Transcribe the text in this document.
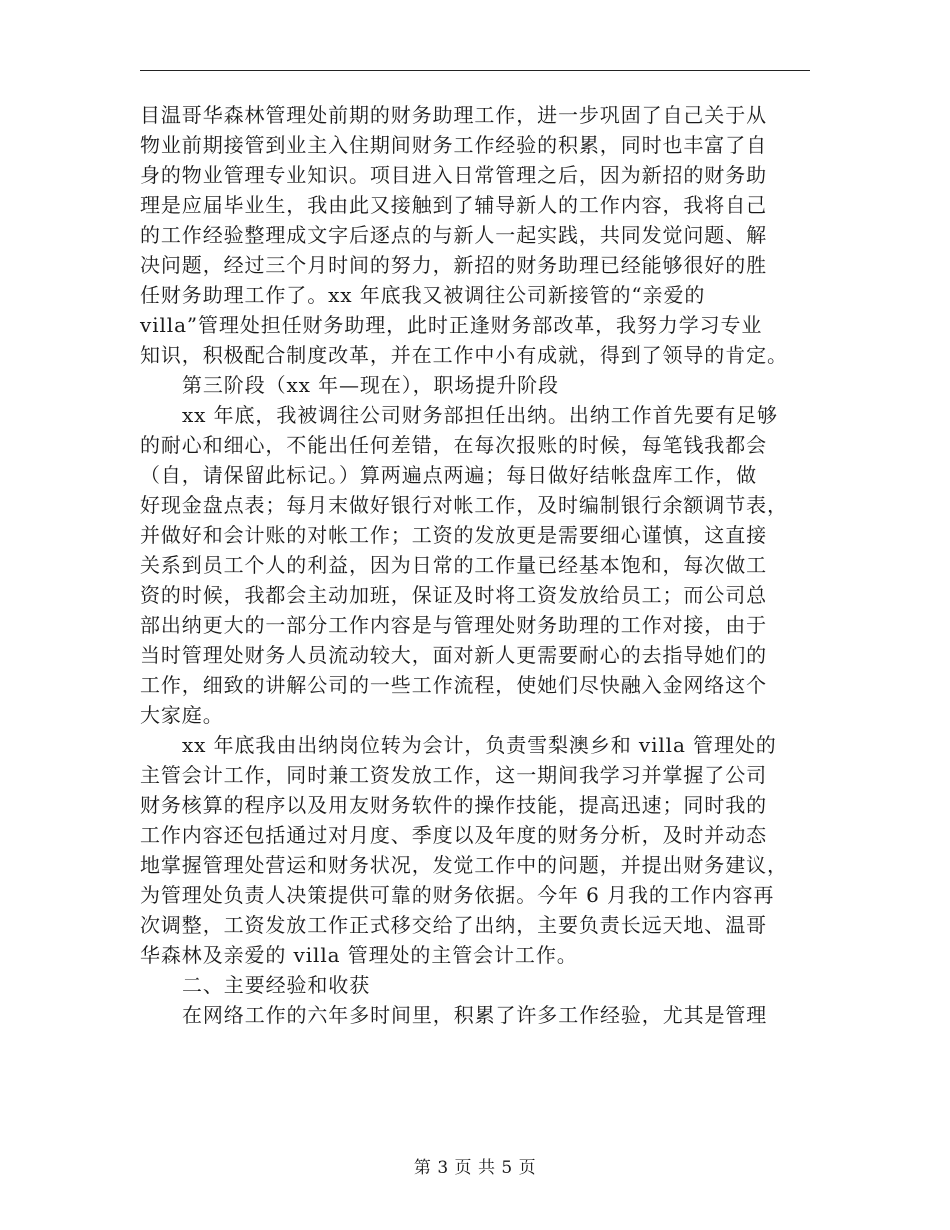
目温哥华森林管理处前期的财务助理工作，进一步巩固了自己关于从
物业前期接管到业主入住期间财务工作经验的积累，同时也丰富了自
身的物业管理专业知识。项目进入日常管理之后，因为新招的财务助
理是应届毕业生，我由此又接触到了辅导新人的工作内容，我将自己
的工作经验整理成文字后逐点的与新人一起实践，共同发觉问题、解
决问题，经过三个月时间的努力，新招的财务助理已经能够很好的胜
任财务助理工作了。xx 年底我又被调往公司新接管的“亲爱的
villa”管理处担任财务助理，此时正逢财务部改革，我努力学习专业
知识，积极配合制度改革，并在工作中小有成就，得到了领导的肯定。
第三阶段（xx 年—现在），职场提升阶段
xx 年底，我被调往公司财务部担任出纳。出纳工作首先要有足够
的耐心和细心，不能出任何差错，在每次报账的时候，每笔钱我都会
（自，请保留此标记。）算两遍点两遍；每日做好结帐盘库工作，做
好现金盘点表；每月末做好银行对帐工作，及时编制银行余额调节表，
并做好和会计账的对帐工作；工资的发放更是需要细心谨慎，这直接
关系到员工个人的利益，因为日常的工作量已经基本饱和，每次做工
资的时候，我都会主动加班，保证及时将工资发放给员工；而公司总
部出纳更大的一部分工作内容是与管理处财务助理的工作对接，由于
当时管理处财务人员流动较大，面对新人更需要耐心的去指导她们的
工作，细致的讲解公司的一些工作流程，使她们尽快融入金网络这个
大家庭。
xx 年底我由出纳岗位转为会计，负责雪梨澳乡和 villa 管理处的
主管会计工作，同时兼工资发放工作，这一期间我学习并掌握了公司
财务核算的程序以及用友财务软件的操作技能，提高迅速；同时我的
工作内容还包括通过对月度、季度以及年度的财务分析，及时并动态
地掌握管理处营运和财务状况，发觉工作中的问题，并提出财务建议，
为管理处负责人决策提供可靠的财务依据。今年 6 月我的工作内容再
次调整，工资发放工作正式移交给了出纳，主要负责长远天地、温哥
华森林及亲爱的 villa 管理处的主管会计工作。
二、主要经验和收获
在网络工作的六年多时间里，积累了许多工作经验，尤其是管理
第 3 页 共 5 页
